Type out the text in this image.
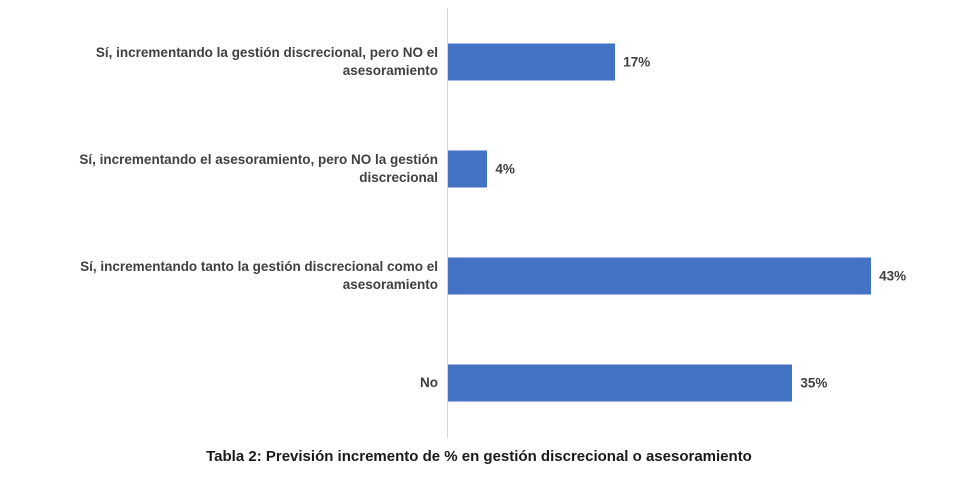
Sí, incrementando la gestión discrecional, pero NO el asesoramiento
17%
Sí, incrementando el asesoramiento, pero NO la gestión discrecional
4%
Sí, incrementando tanto la gestión discrecional como el asesoramiento
43%
No	35%
Tabla 2: Previsión incremento de % en gestión discrecional o asesoramiento
